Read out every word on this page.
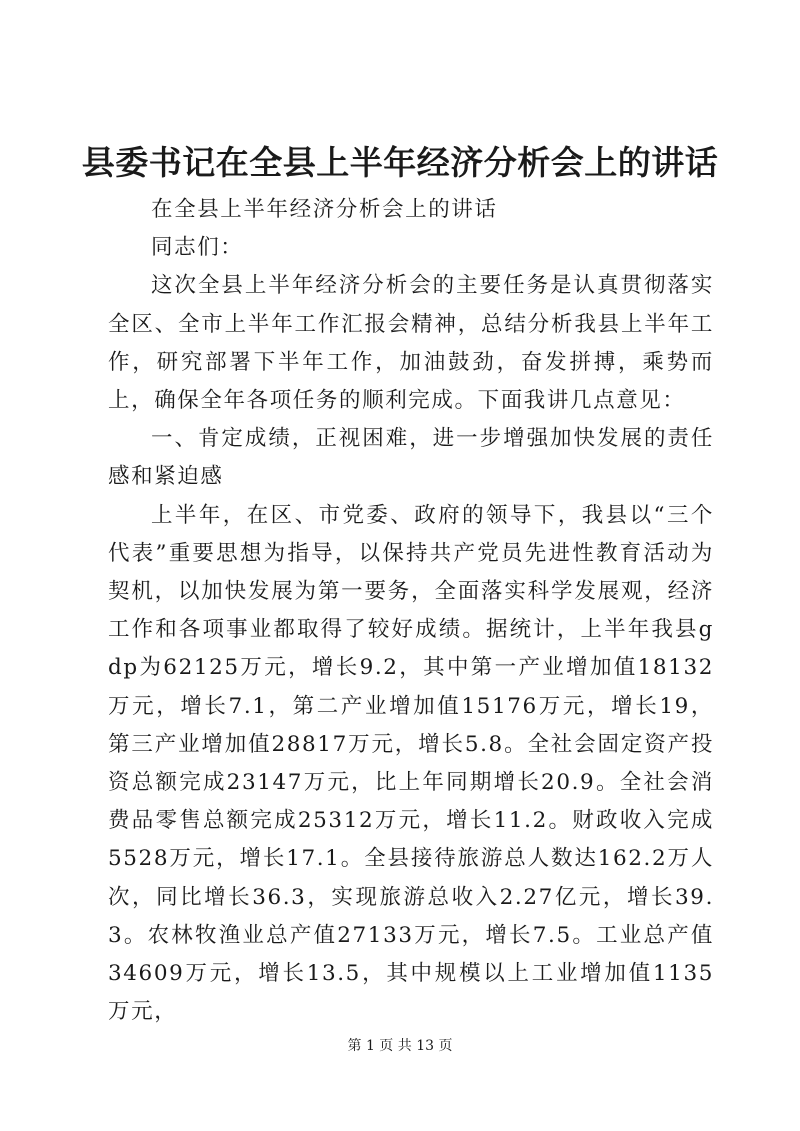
县委书记在全县上半年经济分析会上的讲话

在全县上半年经济分析会上的讲话

同志们：

这次全县上半年经济分析会的主要任务是认真贯彻落实全区、全市上半年工作汇报会精神，总结分析我县上半年工作，研究部署下半年工作，加油鼓劲，奋发拼搏，乘势而上，确保全年各项任务的顺利完成。下面我讲几点意见：

一、肯定成绩，正视困难，进一步增强加快发展的责任感和紧迫感

上半年，在区、市党委、政府的领导下，我县以“三个代表”重要思想为指导，以保持共产党员先进性教育活动为契机，以加快发展为第一要务，全面落实科学发展观，经济工作和各项事业都取得了较好成绩。据统计，上半年我县gdp为62125万元，增长9.2，其中第一产业增加值18132万元，增长7.1，第二产业增加值15176万元，增长19，第三产业增加值28817万元，增长5.8。全社会固定资产投资总额完成23147万元，比上年同期增长20.9。全社会消费品零售总额完成25312万元，增长11.2。财政收入完成5528万元，增长17.1。全县接待旅游总人数达162.2万人次，同比增长36.3，实现旅游总收入2.27亿元，增长39.3。农林牧渔业总产值27133万元，增长7.5。工业总产值34609万元，增长13.5，其中规模以上工业增加值1135万元，

第 1 页 共 13 页
